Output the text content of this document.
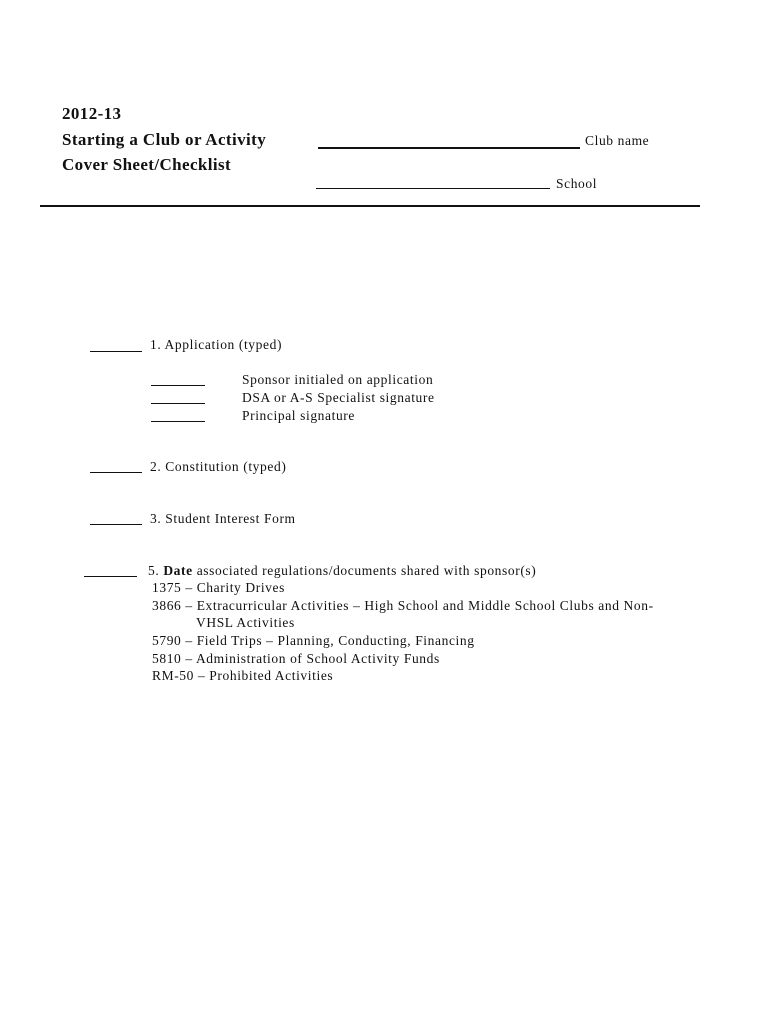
2012-13
Starting a Club or Activity
Cover Sheet/Checklist
Club name
School
1. Application (typed)
Sponsor initialed on application
DSA or A-S Specialist signature
Principal signature
2. Constitution (typed)
3. Student Interest Form
5. Date associated regulations/documents shared with sponsor(s)
1375 – Charity Drives
3866 – Extracurricular Activities – High School and Middle School Clubs and Non-
VHSL Activities
5790 – Field Trips – Planning, Conducting, Financing
5810 – Administration of School Activity Funds
RM-50 – Prohibited Activities
